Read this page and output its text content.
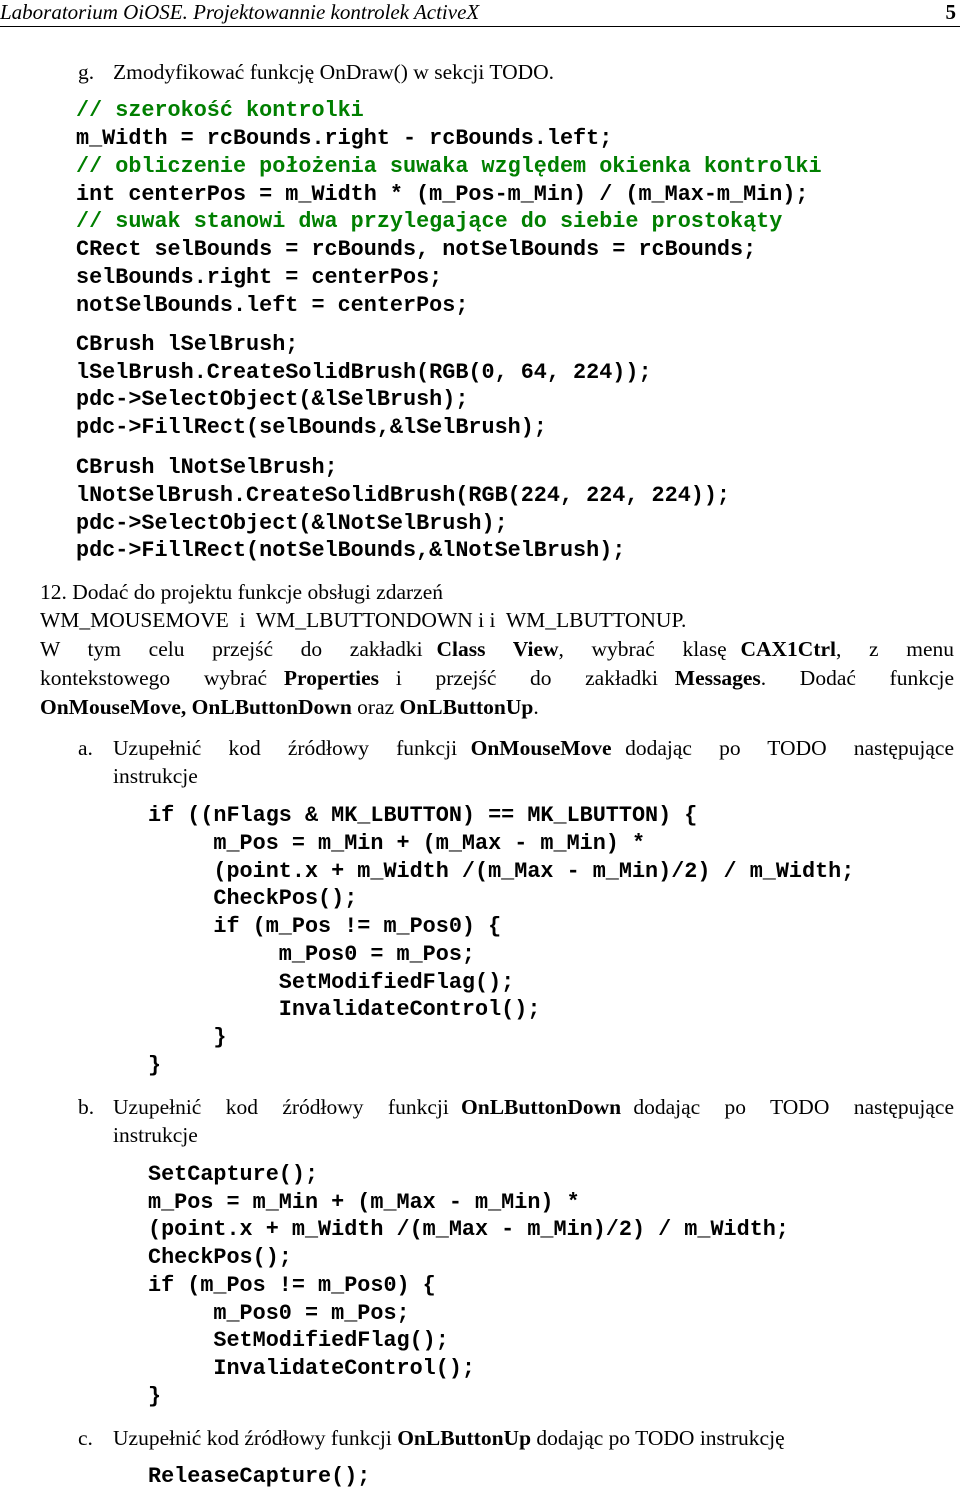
Laboratorium OiOSE. Projektowannie kontrolek ActiveX	5
g. Zmodyfikować funkcję OnDraw() w sekcji TODO.
// szerokość kontrolki
m_Width = rcBounds.right - rcBounds.left;
// obliczenie położenia suwaka względem okienka kontrolki
int centerPos = m_Width * (m_Pos-m_Min) / (m_Max-m_Min);
// suwak stanowi dwa przylegające do siebie prostokąty
CRect selBounds = rcBounds, notSelBounds = rcBounds;
selBounds.right = centerPos;
notSelBounds.left = centerPos;
CBrush lSelBrush;
lSelBrush.CreateSolidBrush(RGB(0, 64, 224));
pdc->SelectObject(&lSelBrush);
pdc->FillRect(selBounds,&lSelBrush);
CBrush lNotSelBrush;
lNotSelBrush.CreateSolidBrush(RGB(224, 224, 224));
pdc->SelectObject(&lNotSelBrush);
pdc->FillRect(notSelBounds,&lNotSelBrush);
12. Dodać do projektu funkcje obsługi zdarzeń
WM_MOUSEMOVE  i  WM_LBUTTONDOWN i i  WM_LBUTTONUP.
W  tym  celu  przejść  do  zakładki Class  View,  wybrać  klasę CAX1Ctrl,  z  menu
kontekstowego  wybrać Properties i  przejść  do  zakładki Messages.  Dodać  funkcje
OnMouseMove, OnLButtonDown oraz OnLButtonUp.
a. Uzupełnić  kod  źródłowy  funkcji OnMouseMove dodając  po  TODO  następujące
instrukcje
if ((nFlags & MK_LBUTTON) == MK_LBUTTON) {
m_Pos = m_Min + (m_Max - m_Min) *
(point.x + m_Width /(m_Max - m_Min)/2) / m_Width;
CheckPos();
if (m_Pos != m_Pos0) {
m_Pos0 = m_Pos;
SetModifiedFlag();
InvalidateControl();
}
}
b. Uzupełnić  kod  źródłowy  funkcji OnLButtonDown dodając  po  TODO  następujące
instrukcje
SetCapture();
m_Pos = m_Min + (m_Max - m_Min) *
(point.x + m_Width /(m_Max - m_Min)/2) / m_Width;
CheckPos();
if (m_Pos != m_Pos0) {
m_Pos0 = m_Pos;
SetModifiedFlag();
InvalidateControl();
}
c. Uzupełnić kod źródłowy funkcji OnLButtonUp dodając po TODO instrukcję
ReleaseCapture();
